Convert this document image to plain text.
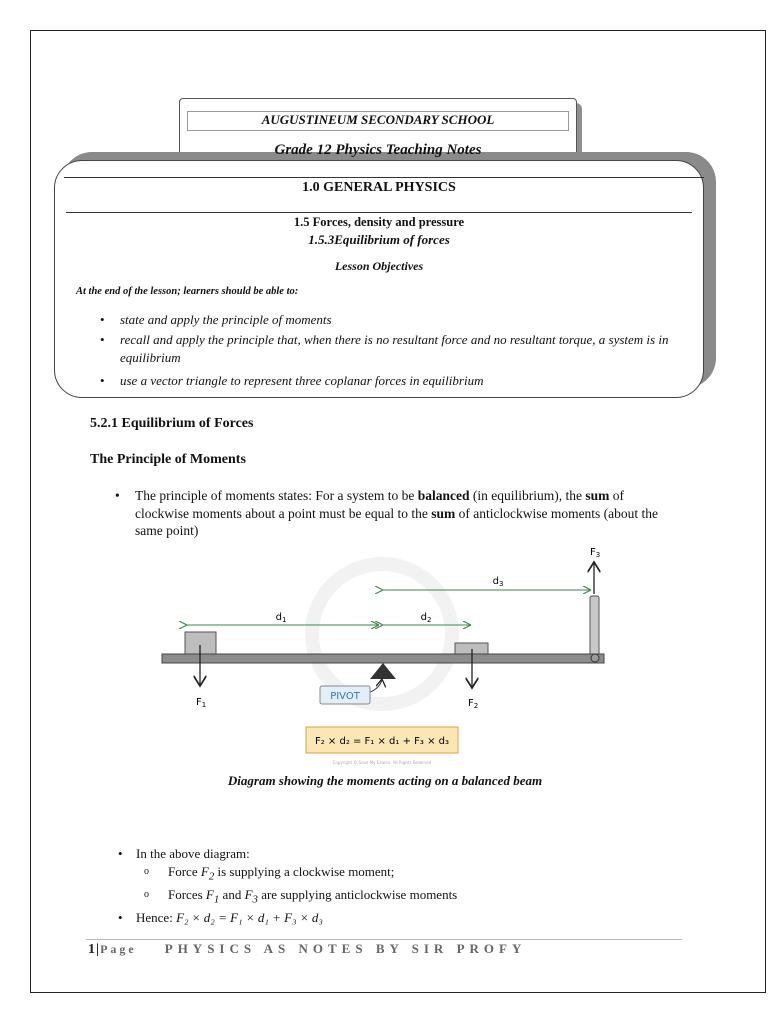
AUGUSTINEUM SECONDARY SCHOOL
Grade 12 Physics Teaching Notes
1.0 GENERAL PHYSICS
1.5 Forces, density and pressure
1.5.3Equilibrium of forces
Lesson Objectives
At the end of the lesson; learners should be able to:
• state and apply the principle of moments
• recall and apply the principle that, when there is no resultant force and no resultant torque, a system is in equilibrium
• use a vector triangle to represent three coplanar forces in equilibrium
5.2.1 Equilibrium of Forces
The Principle of Moments
• The principle of moments states: For a system to be balanced (in equilibrium), the sum of clockwise moments about a point must be equal to the sum of anticlockwise moments (about the same point)
$d_1$	$d_2$
$d_3$
PIVOT
$F_1$	$F_2$
$F_3$
F₂ × d₂ = F₁ × d₁ + F₃ × d₃
Copyright © Save My Exams. All Rights Reserved
Diagram showing the moments acting on a balanced beam
• In the above diagram:
o Force $F_2$ is supplying a clockwise moment;
o Forces $F_1$ and $F_3$ are supplying anticlockwise moments
• Hence: F₂ × d₂ = F₁ × d₁ + F₃ × d₃
1|Page PHYSICS AS NOTES BY SIR PROFY
